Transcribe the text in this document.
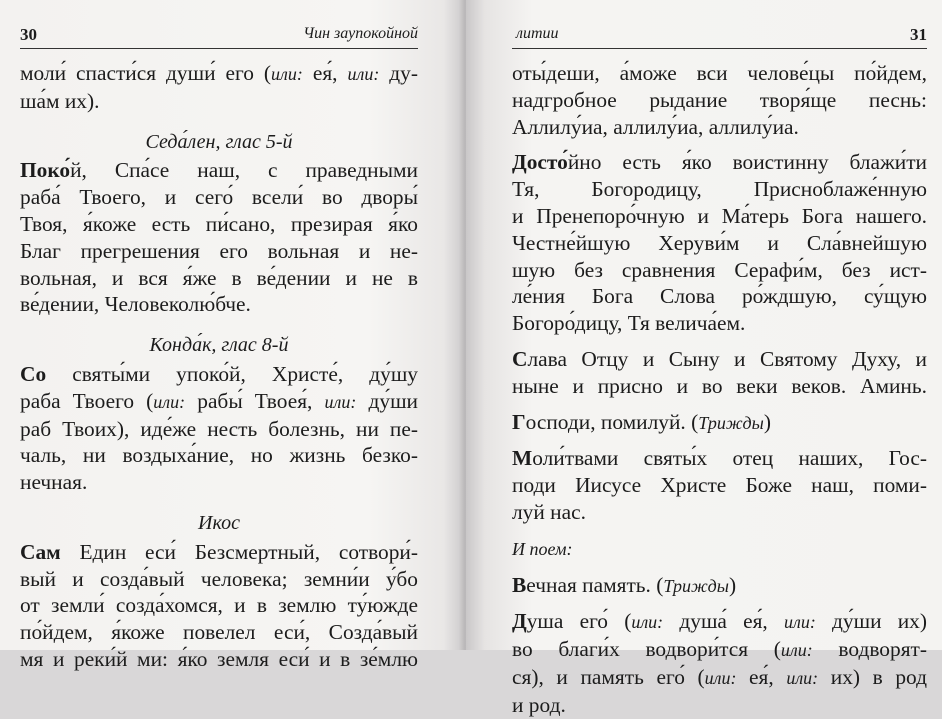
30	Чин заупокойной
моли́ спасти́ся души́ его (или: ея́, или: ду-
ша́м их).
Седа́лен, глас 5-й
Поко́й, Спа́се наш, с праведными
раба́ Твоего, и сего́ всели́ во дворы́
Твоя, я́коже есть пи́сано, презирая я́ко
Благ прегрешения его вольная и не-
вольная, и вся я́же в ве́дении и не в
ве́дении, Человеколю́бче.
Конда́к, глас 8-й
Со святы́ми упоко́й, Христе́, ду́шу
раба Твоего (или: рабы́ Твоея́, или: ду́ши
раб Твоих), иде́же несть болезнь, ни пе-
чаль, ни воздыха́ние, но жизнь безко-
нечная.
Икос
Сам Един еси́ Безсмертный, сотвори́-
вый и созда́вый человека; земни́и у́бо
от земли́ созда́хомся, и в землю ту́южде
по́йдем, я́коже повелел еси́, Созда́вый
мя и реки́й ми: я́ко земля еси́ и в зе́млю
литии	31
оты́деши, а́може вси челове́цы по́йдем,
надгробное рыдание творя́ще песнь:
Аллилу́иа, аллилу́иа, аллилу́иа.
Досто́йно есть я́ко воистинну блажи́ти
Тя, Богородицу, Присноблаже́нную
и Пренепоро́чную и Ма́терь Бога нашего.
Честне́йшую Херуви́м и Сла́внейшую
шую без сравнения Серафи́м, без ист-
ле́ния Бога Слова ро́ждшую, су́щую
Богоро́дицу, Тя велича́ем.
Слава Отцу и Сыну и Святому Духу, и
ныне и присно и во веки веков. Аминь.
Господи, помилуй. (Трижды)
Моли́твами святы́х отец наших, Гос-
поди Иисусе Христе Боже наш, поми-
луй нас.
И поем:
Вечная память. (Трижды)
Душа его́ (или: душа́ ея́, или: ду́ши их)
во благи́х водвори́тся (или: водворят-
ся), и память его́ (или: ея́, или: их) в род
и род.
